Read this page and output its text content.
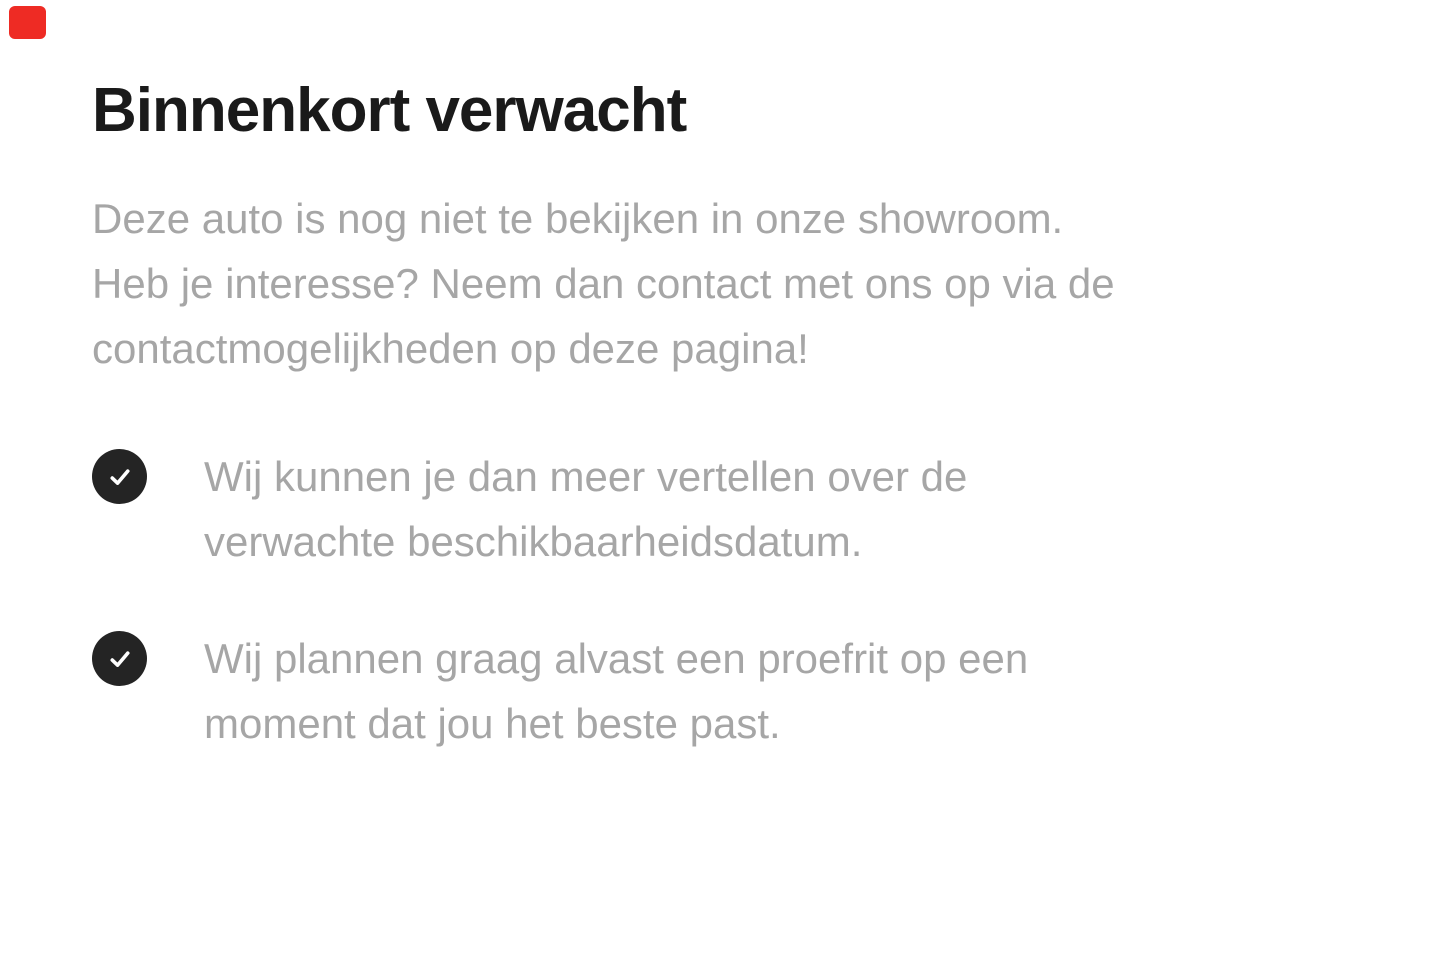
Binnenkort verwacht

Deze auto is nog niet te bekijken in onze showroom.
Heb je interesse? Neem dan contact met ons op via de
contactmogelijkheden op deze pagina!

Wij kunnen je dan meer vertellen over de
verwachte beschikbaarheidsdatum.
Wij plannen graag alvast een proefrit op een
moment dat jou het beste past.
